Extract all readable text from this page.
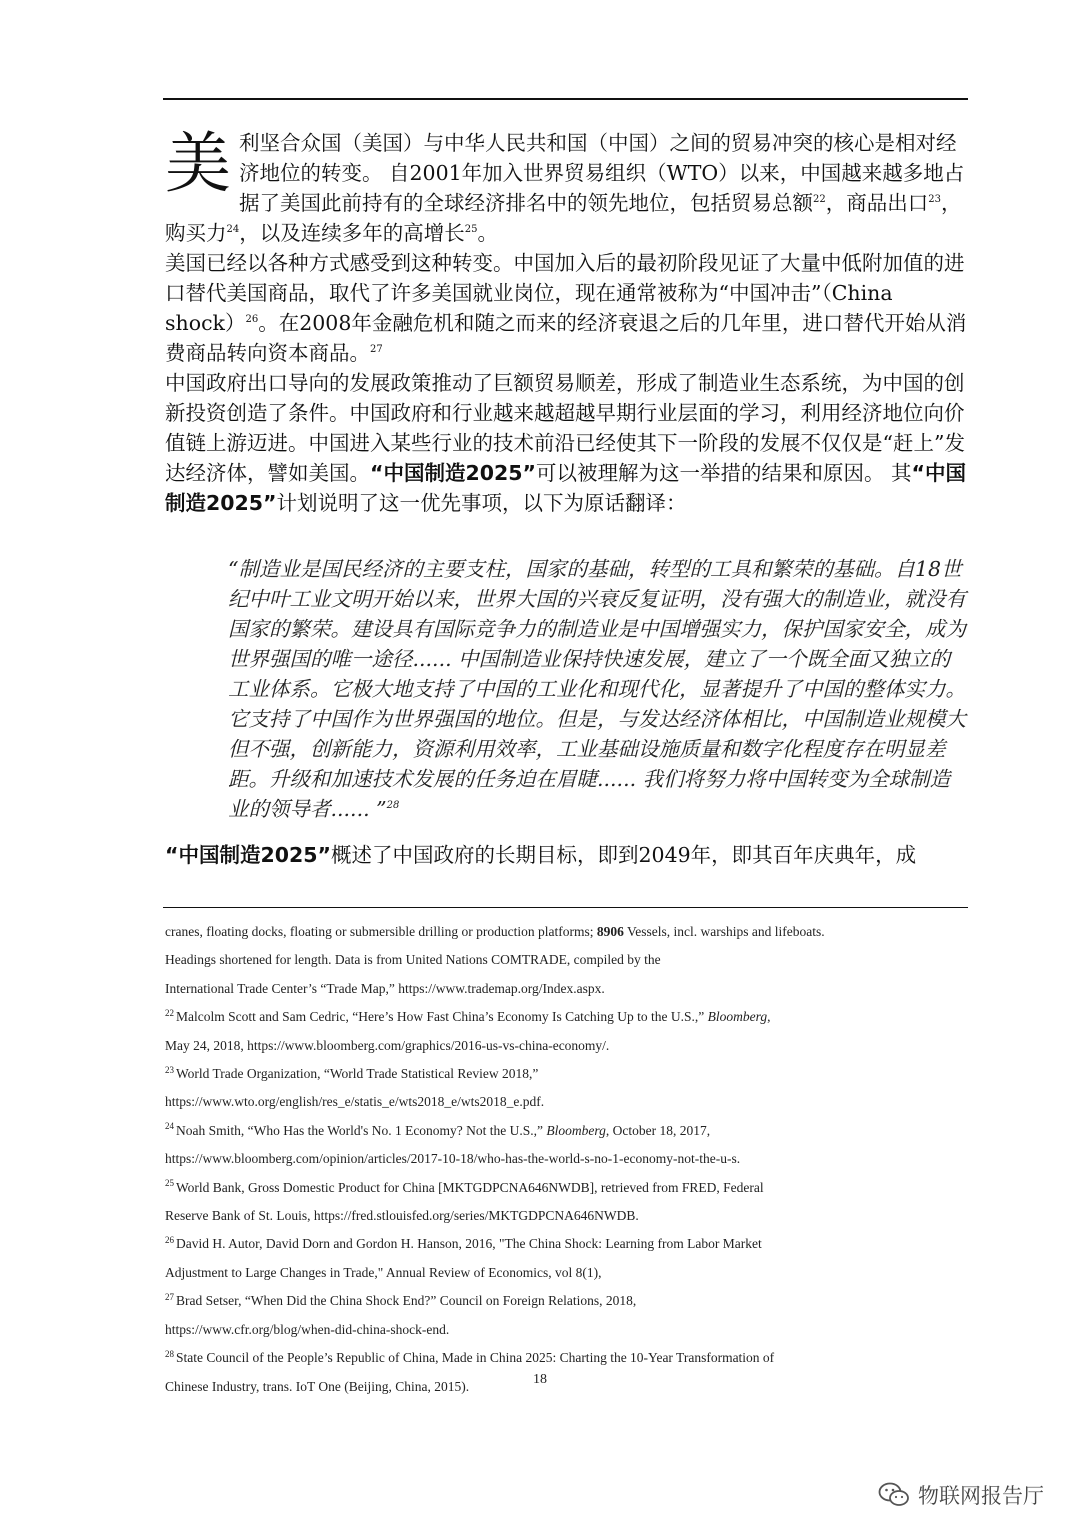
美利坚合众国（美国）与中华人民共和国（中国）之间的贸易冲突的核心是相对经济地位的转变。 自2001年加入世界贸易组织（WTO）以来，中国越来越多地占据了美国此前持有的全球经济排名中的领先地位，包括贸易总额$^{22}$，商品出口$^{23}$，购买力$^{24}$，以及连续多年的高增长$^{25}$。

美国已经以各种方式感受到这种转变。中国加入后的最初阶段见证了大量中低附加值的进口替代美国商品，取代了许多美国就业岗位，现在通常被称为“中国冲击”（China shock）$^{26}$。在2008年金融危机和随之而来的经济衰退之后的几年里，进口替代开始从消费商品转向资本商品。$^{27}$

中国政府出口导向的发展政策推动了巨额贸易顺差，形成了制造业生态系统，为中国的创新投资创造了条件。中国政府和行业越来越超越早期行业层面的学习，利用经济地位向价值链上游迈进。中国进入某些行业的技术前沿已经使其下一阶段的发展不仅仅是“赶上”发达经济体，譬如美国。“中国制造2025”可以被理解为这一举措的结果和原因。 其“中国制造2025”计划说明了这一优先事项，以下为原话翻译：

“制造业是国民经济的主要支柱，国家的基础，转型的工具和繁荣的基础。自18世纪中叶工业文明开始以来，世界大国的兴衰反复证明，没有强大的制造业，就没有国家的繁荣。建设具有国际竞争力的制造业是中国增强实力，保护国家安全，成为世界强国的唯一途径...... 中国制造业保持快速发展，建立了一个既全面又独立的工业体系。它极大地支持了中国的工业化和现代化，显著提升了中国的整体实力。它支持了中国作为世界强国的地位。但是，与发达经济体相比，中国制造业规模大但不强，创新能力，资源利用效率，工业基础设施质量和数字化程度存在明显差距。升级和加速技术发展的任务迫在眉睫...... 我们将努力将中国转变为全球制造业的领导者...... ”$^{28}$
“中国制造2025”概述了中国政府的长期目标，即到2049年，即其百年庆典年，成
cranes, floating docks, floating or submersible drilling or production platforms; 8906 Vessels, incl. warships and lifeboats.
Headings shortened for length. Data is from United Nations COMTRADE, compiled by the
International Trade Center’s “Trade Map,” https://www.trademap.org/Index.aspx.
$^{22}$ Malcolm Scott and Sam Cedric, “Here’s How Fast China’s Economy Is Catching Up to the U.S.,” Bloomberg,
May 24, 2018, https://www.bloomberg.com/graphics/2016-us-vs-china-economy/.
$^{23}$ World Trade Organization, “World Trade Statistical Review 2018,”
https://www.wto.org/english/res_e/statis_e/wts2018_e/wts2018_e.pdf.
$^{24}$ Noah Smith, “Who Has the World's No. 1 Economy? Not the U.S.,” Bloomberg, October 18, 2017,
https://www.bloomberg.com/opinion/articles/2017-10-18/who-has-the-world-s-no-1-economy-not-the-u-s.
$^{25}$ World Bank, Gross Domestic Product for China [MKTGDPCNA646NWDB], retrieved from FRED, Federal
Reserve Bank of St. Louis, https://fred.stlouisfed.org/series/MKTGDPCNA646NWDB.
$^{26}$ David H. Autor, David Dorn and Gordon H. Hanson, 2016, "The China Shock: Learning from Labor Market
Adjustment to Large Changes in Trade," Annual Review of Economics, vol 8(1),
$^{27}$ Brad Setser, “When Did the China Shock End?” Council on Foreign Relations, 2018,
https://www.cfr.org/blog/when-did-china-shock-end.
$^{28}$ State Council of the People’s Republic of China, Made in China 2025: Charting the 10-Year Transformation of
Chinese Industry, trans. IoT One (Beijing, China, 2015).	18
物联网报告厅
